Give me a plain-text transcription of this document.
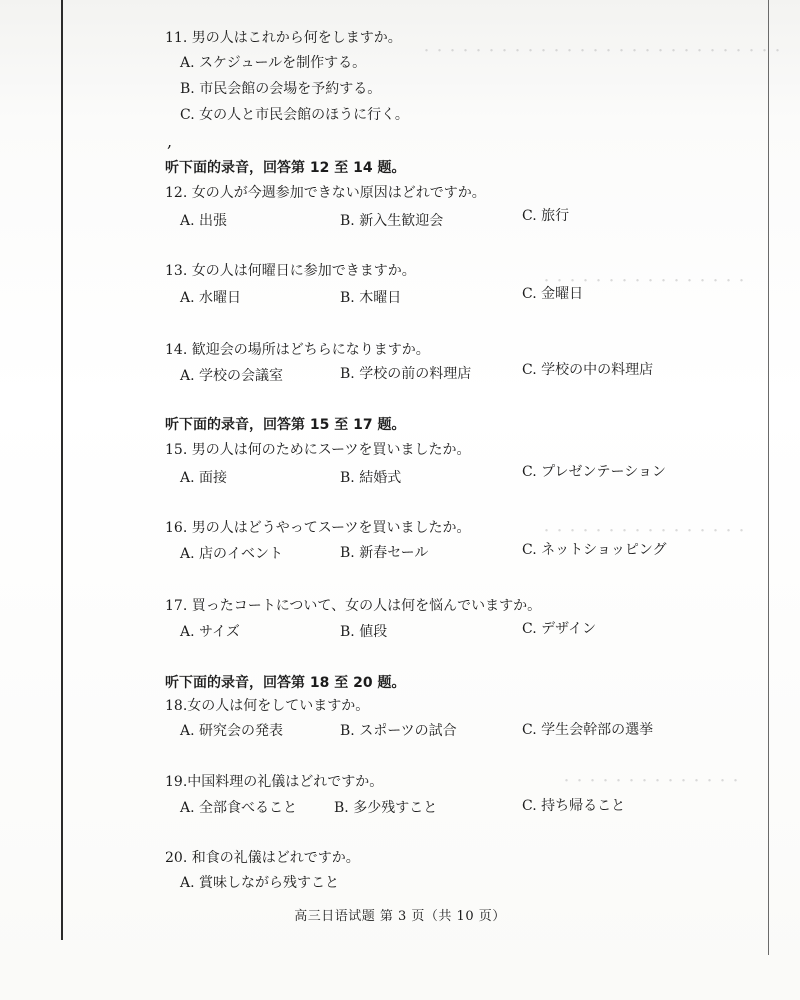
・・・・・・・・・・・・・・・・・・・・・・・・・・・・
・・・・・・・・・・・・・・・・
・・・・・・・・・・・・・・・・
・・・・・・・・・・・・・・
11. 男の人はこれから何をしますか。
A. スケジュールを制作する。
B. 市民会館の会場を予約する。
C. 女の人と市民会館のほうに行く。
,
听下面的录音，回答第 12 至 14 题。
12. 女の人が今週参加できない原因はどれですか。
A. 出張	B. 新入生歓迎会	C. 旅行
13. 女の人は何曜日に参加できますか。
A. 水曜日	B. 木曜日	C. 金曜日
14. 歓迎会の場所はどちらになりますか。
A. 学校の会議室	B. 学校の前の料理店	C. 学校の中の料理店
听下面的录音，回答第 15 至 17 题。
15. 男の人は何のためにスーツを買いましたか。
A. 面接	B. 結婚式	C. プレゼンテーション
16. 男の人はどうやってスーツを買いましたか。
A. 店のイベント	B. 新春セール	C. ネットショッピング
17. 買ったコートについて、女の人は何を悩んでいますか。
A. サイズ	B. 値段	C. デザイン
听下面的录音，回答第 18 至 20 题。
18.女の人は何をしていますか。
A. 研究会の発表	B. スポーツの試合	C. 学生会幹部の選挙
19.中国料理の礼儀はどれですか。
A. 全部食べること	B. 多少残すこと	C. 持ち帰ること
20. 和食の礼儀はどれですか。
A. 賞味しながら残すこと
高三日语试题 第 3 页（共 10 页）
